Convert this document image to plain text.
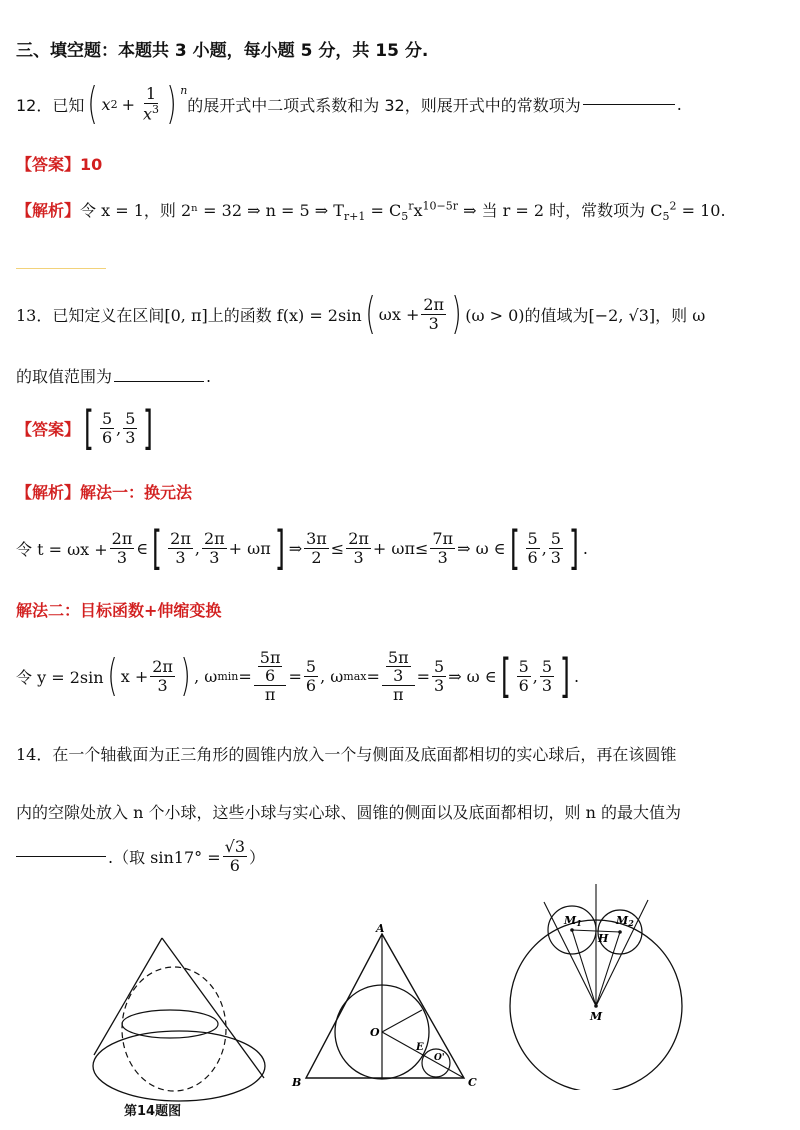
三、填空题：本题共 3 小题，每小题 5 分，共 15 分.
12．已知 ( x $2 + \frac{1}{x^3}$ ) $^n$
的展开式中二项式系数和为 32，则展开式中的常数项为	.
【答案】10
【解析】令 x = 1，则 2ⁿ = 32 ⇒ n = 5 ⇒ $T_{r+1} = C_5^rx^{10-5r}$ ⇒ 当 r = 2 时，常数项为 $C_5^2 = 10$.
13．已知定义在区间[0, π]上的函数 f(x) = 2sin ( $\omega x + \frac{2\pi}{3}$ ) (ω > 0)的值域为[−2, √3]，则 ω
的取值范围为	.
【答案】 [ $\frac{5}{6}$ , $\frac{5}{3}$ ]
【解析】解法一：换元法
令 $t = \omega x + \frac{2\pi}{3}$ ∈ [ $\frac{2\pi}{3}$ , $\frac{2\pi}{3} + \omega\pi$ ] ⇒ $\frac{3\pi}{2} \le \frac{2\pi}{3} + \omega\pi \le \frac{7\pi}{3}$ ⇒ ω ∈ [ $\frac{5}{6}$ , $\frac{5}{3}$ ] .
解法二：目标函数+伸缩变换
令 y = 2sin ( $x + \frac{2\pi}{3}$ ) , ω $\min = \frac{\frac{5\pi}{6}}{\pi} = \frac{5}{6}$ , ω $\max = \frac{\frac{5\pi}{3}}{\pi} = \frac{5}{3}$ ⇒ ω ∈ [ $\frac{5}{6}$ , $\frac{5}{3}$ ] .
14．在一个轴截面为正三角形的圆锥内放入一个与侧面及底面都相切的实心球后，再在该圆锥
内的空隙处放入 n 个小球，这些小球与实心球、圆锥的侧面以及底面都相切，则 n 的最大值为
.（取 $\sin 17^\circ = \frac{√3}{6}$ ）
第14题图
A
B	C
O
E
O'
M1	M2
H
M
